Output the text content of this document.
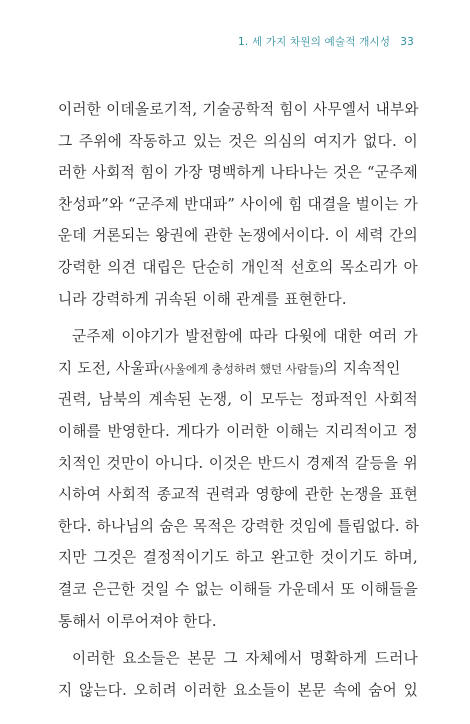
1. 세 가지 차원의 예술적 개시성 33
이러한 이데올로기적, 기술공학적 힘이 사무엘서 내부와
그 주위에 작동하고 있는 것은 의심의 여지가 없다. 이
러한 사회적 힘이 가장 명백하게 나타나는 것은 “군주제
찬성파”와 “군주제 반대파” 사이에 힘 대결을 벌이는 가
운데 거론되는 왕권에 관한 논쟁에서이다. 이 세력 간의
강력한 의견 대립은 단순히 개인적 선호의 목소리가 아
니라 강력하게 귀속된 이해 관계를 표현한다.
군주제 이야기가 발전함에 따라 다윗에 대한 여러 가
지 도전, 사울파(사울에게 충성하려 했던 사람들)의 지속적인
권력, 남북의 계속된 논쟁, 이 모두는 정파적인 사회적
이해를 반영한다. 게다가 이러한 이해는 지리적이고 정
치적인 것만이 아니다. 이것은 반드시 경제적 갈등을 위
시하여 사회적 종교적 권력과 영향에 관한 논쟁을 표현
한다. 하나님의 숨은 목적은 강력한 것임에 틀림없다. 하
지만 그것은 결정적이기도 하고 완고한 것이기도 하며,
결코 은근한 것일 수 없는 이해들 가운데서 또 이해들을
통해서 이루어져야 한다.
이러한 요소들은 본문 그 자체에서 명확하게 드러나
지 않는다. 오히려 이러한 요소들이 본문 속에 숨어 있
